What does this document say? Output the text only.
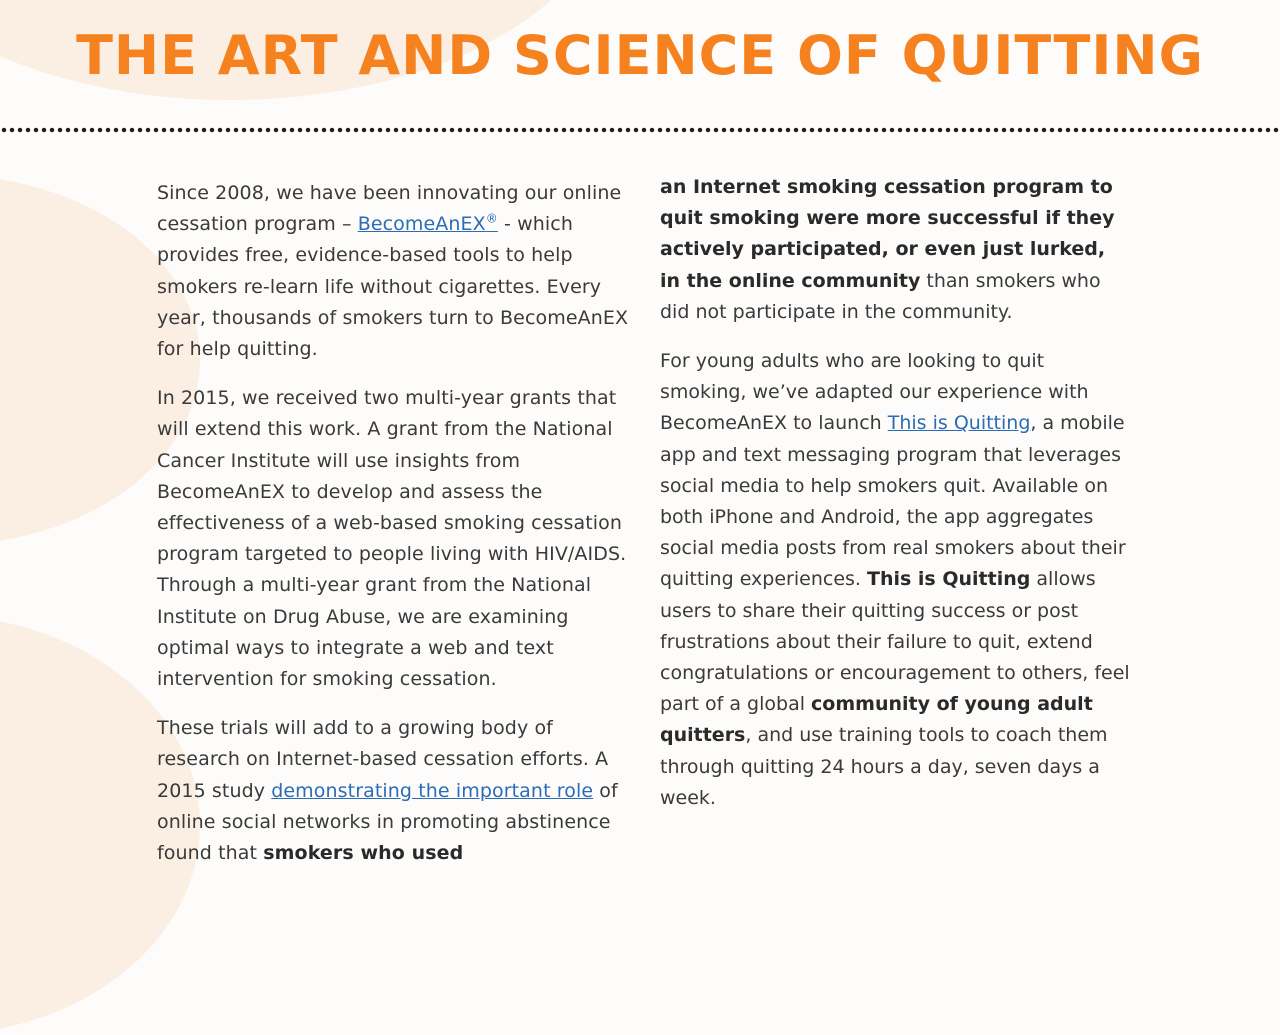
THE ART AND SCIENCE OF QUITTING

Since 2008, we have been innovating our online cessation program – BecomeAnEX® - which provides free, evidence-based tools to help smokers re-learn life without cigarettes. Every year, thousands of smokers turn to BecomeAnEX for help quitting.

In 2015, we received two multi-year grants that will extend this work. A grant from the National Cancer Institute will use insights from BecomeAnEX to develop and assess the effectiveness of a web-based smoking cessation program targeted to people living with HIV/AIDS. Through a multi-year grant from the National Institute on Drug Abuse, we are examining optimal ways to integrate a web and text intervention for smoking cessation.

These trials will add to a growing body of research on Internet-based cessation efforts. A 2015 study demonstrating the important role of online social networks in promoting abstinence found that smokers who used

an Internet smoking cessation program to quit smoking were more successful if they actively participated, or even just lurked, in the online community than smokers who did not participate in the community.

For young adults who are looking to quit smoking, we’ve adapted our experience with BecomeAnEX to launch This is Quitting, a mobile app and text messaging program that leverages social media to help smokers quit. Available on both iPhone and Android, the app aggregates social media posts from real smokers about their quitting experiences. This is Quitting allows users to share their quitting success or post frustrations about their failure to quit, extend congratulations or encouragement to others, feel part of a global community of young adult quitters, and use training tools to coach them through quitting 24 hours a day, seven days a week.
